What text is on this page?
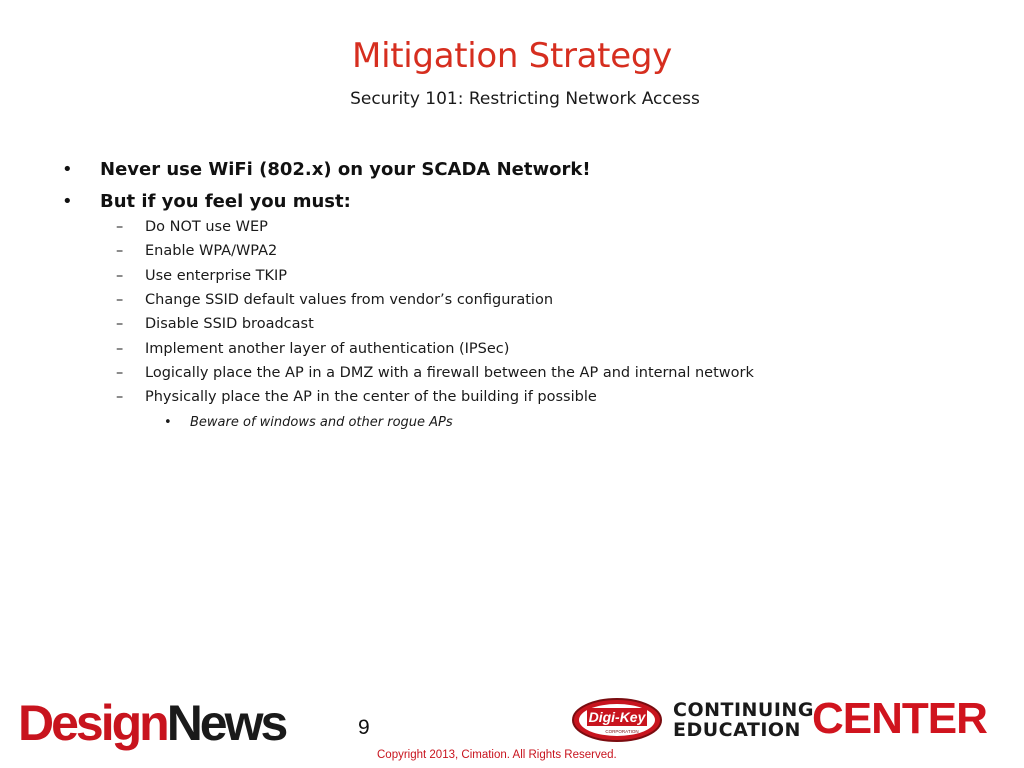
Mitigation Strategy
Security 101: Restricting Network Access
• Never use WiFi (802.x) on your SCADA Network!
• But if you feel you must:
– Do NOT use WEP
– Enable WPA/WPA2
– Use enterprise TKIP
– Change SSID default values from vendor’s configuration
– Disable SSID broadcast
– Implement another layer of authentication (IPSec)
– Logically place the AP in a DMZ with a firewall between the AP and internal network
– Physically place the AP in the center of the building if possible
• Beware of windows and other rogue APs
DesignNews	9
Copyright 2013, Cimation. All Rights Reserved.
Digi-Key
CORPORATION
CONTINUING
EDUCATION CENTER
